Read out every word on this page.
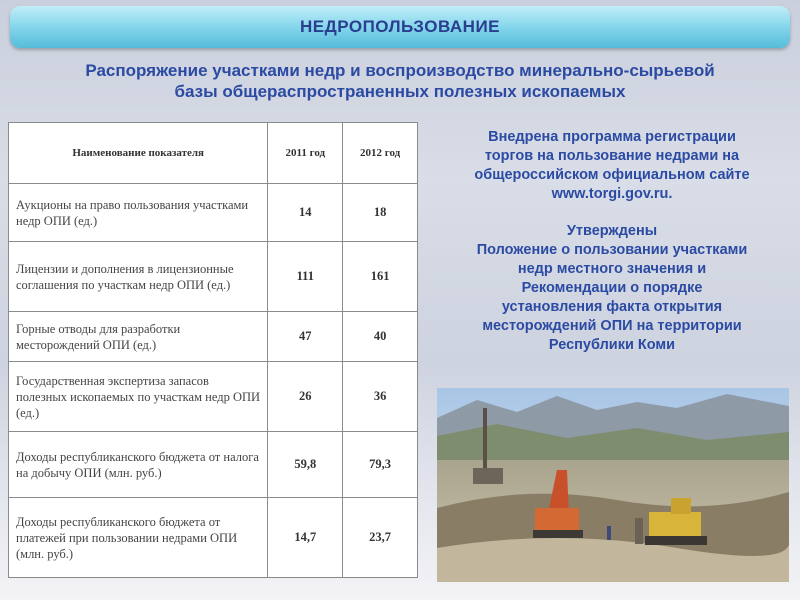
НЕДРОПОЛЬЗОВАНИЕ
Распоряжение участками недр и воспроизводство минерально-сырьевой
базы общераспространенных полезных ископаемых
Наименование показателя	2011 год	2012 год
Аукционы на право пользования участками недр ОПИ (ед.)	14	18
Лицензии и дополнения в лицензионные соглашения по участкам недр ОПИ (ед.)	111	161
Горные отводы для разработки месторождений ОПИ (ед.)	47	40
Государственная экспертиза запасов полезных ископаемых по участкам недр ОПИ (ед.)	26	36
Доходы республиканского бюджета от налога на добычу ОПИ (млн. руб.)	59,8	79,3
Доходы республиканского бюджета от платежей при пользовании недрами ОПИ (млн. руб.)	14,7	23,7

Внедрена программа регистрации

торгов на пользование недрами на

общероссийском официальном сайте

www.torgi.gov.ru.

Утверждены

Положение о пользовании участками

недр местного значения и

Рекомендации о порядке

установления факта открытия

месторождений ОПИ на территории

Республики Коми
